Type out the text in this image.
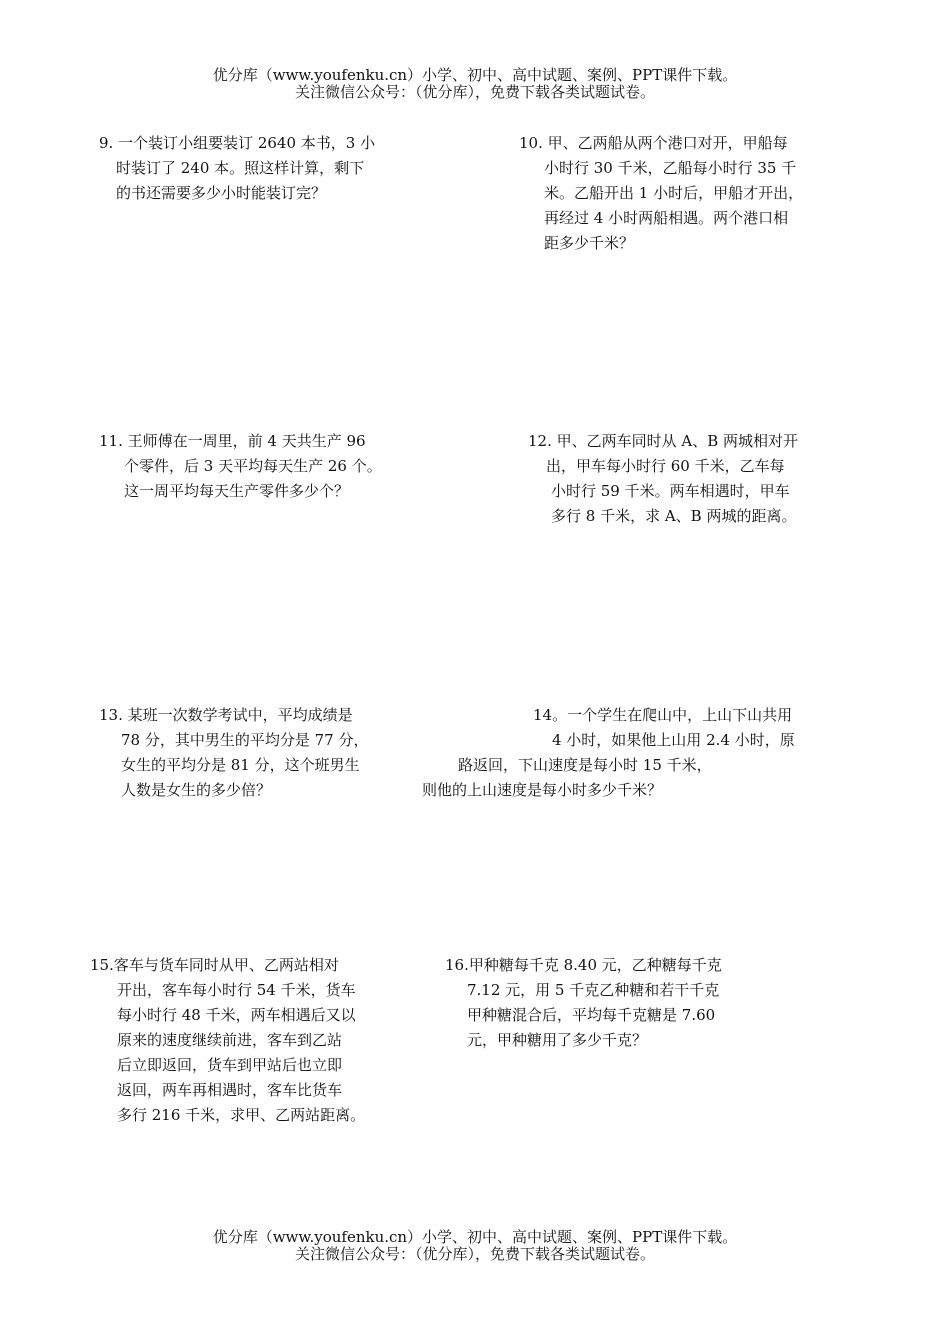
优分库（www.youfenku.cn）小学、初中、高中试题、案例、PPT课件下载。
关注微信公众号：（优分库），免费下载各类试题试卷。
9. 一个装订小组要装订 2640 本书，3 小
时装订了 240 本。照这样计算，剩下
的书还需要多少小时能装订完？
10. 甲、乙两船从两个港口对开，甲船每
小时行 30 千米，乙船每小时行 35 千
米。乙船开出 1 小时后，甲船才开出，
再经过 4 小时两船相遇。两个港口相
距多少千米？
11. 王师傅在一周里，前 4 天共生产 96
个零件，后 3 天平均每天生产 26 个。
这一周平均每天生产零件多少个？
12. 甲、乙两车同时从 A、B 两城相对开
出，甲车每小时行 60 千米，乙车每
小时行 59 千米。两车相遇时，甲车
多行 8 千米，求 A、B 两城的距离。
13. 某班一次数学考试中，平均成绩是
78 分，其中男生的平均分是 77 分，
女生的平均分是 81 分，这个班男生
人数是女生的多少倍？
14。一个学生在爬山中，上山下山共用
4 小时，如果他上山用 2.4 小时，原
路返回，下山速度是每小时 15 千米，
则他的上山速度是每小时多少千米？
15.客车与货车同时从甲、乙两站相对
开出，客车每小时行 54 千米，货车
每小时行 48 千米，两车相遇后又以
原来的速度继续前进，客车到乙站
后立即返回，货车到甲站后也立即
返回，两车再相遇时，客车比货车
多行 216 千米，求甲、乙两站距离。
16.甲种糖每千克 8.40 元，乙种糖每千克
7.12 元，用 5 千克乙种糖和若干千克
甲种糖混合后，平均每千克糖是 7.60
元，甲种糖用了多少千克？
优分库（www.youfenku.cn）小学、初中、高中试题、案例、PPT课件下载。
关注微信公众号：（优分库），免费下载各类试题试卷。
